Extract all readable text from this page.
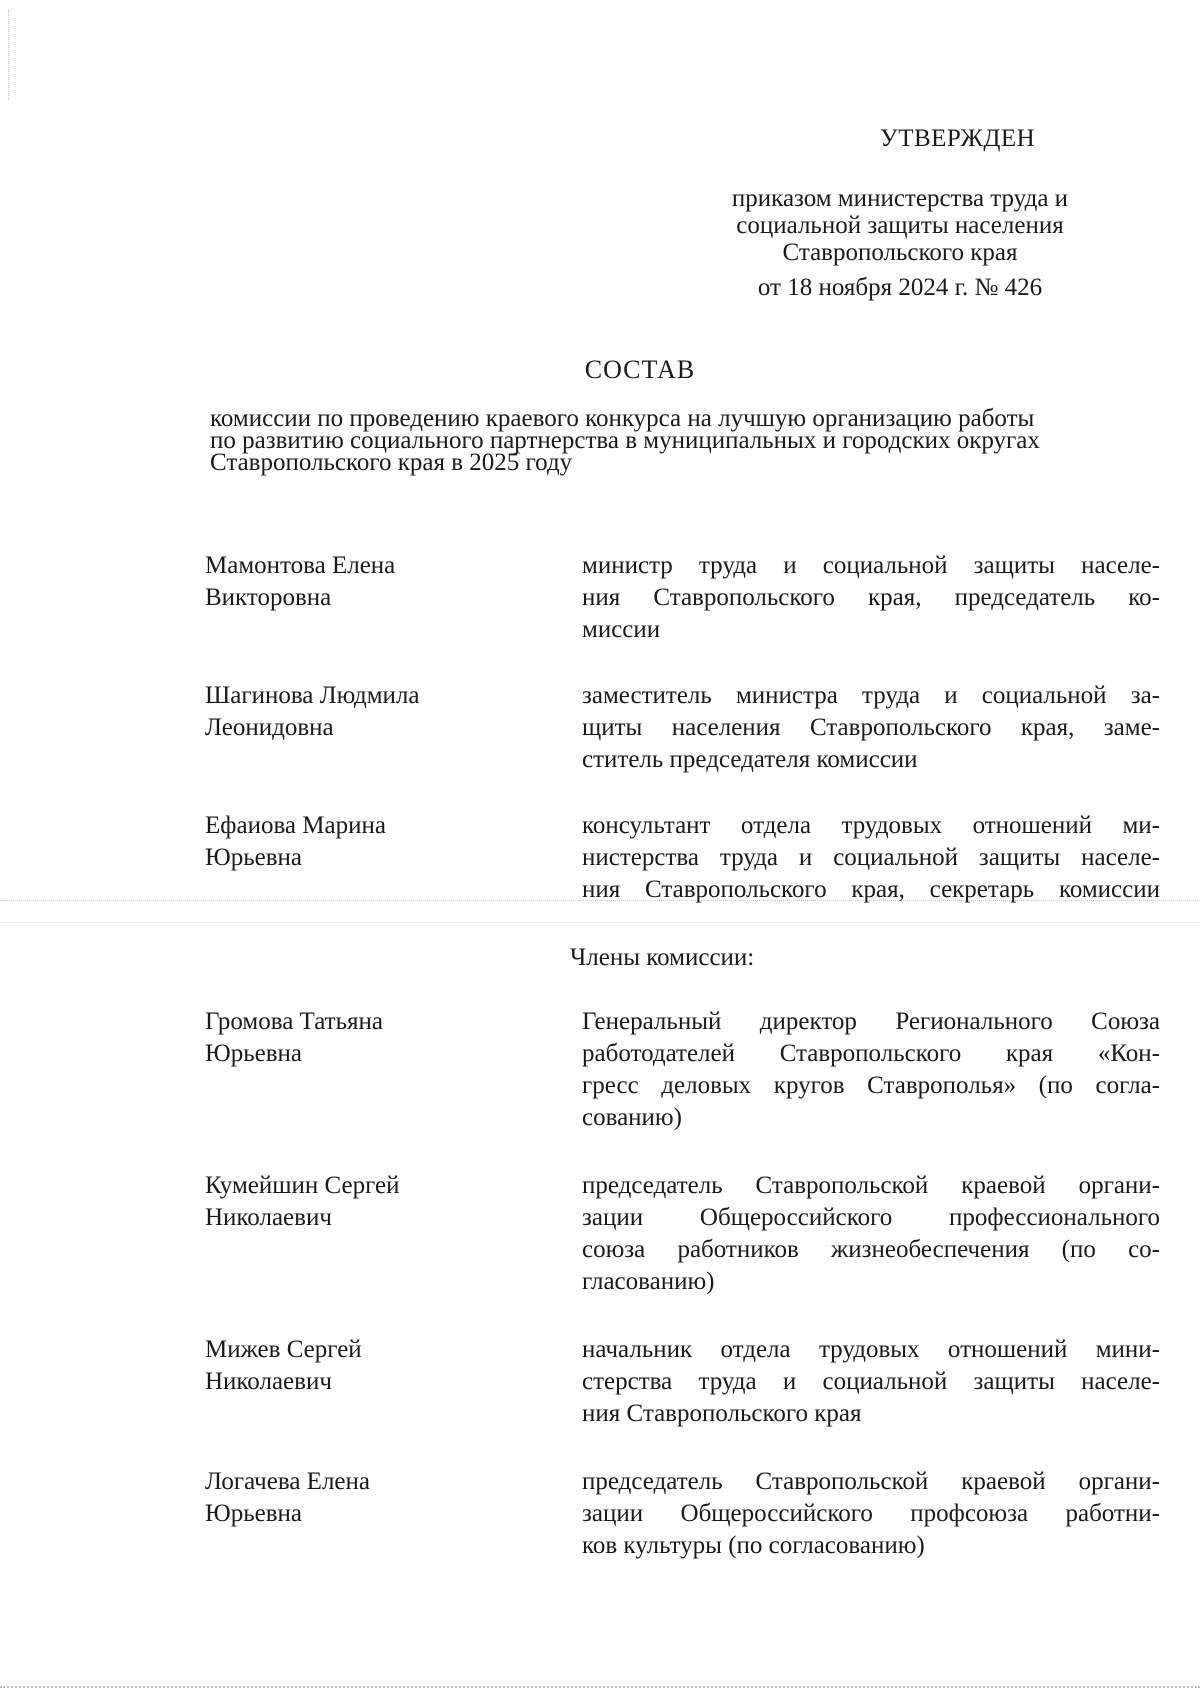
УТВЕРЖДЕН
приказом министерства труда и
социальной защиты населения
Ставропольского края
от 18 ноября 2024 г. № 426
СОСТАВ
комиссии по проведению краевого конкурса на лучшую организацию работы
по развитию социального партнерства в муниципальных и городских округах
Ставропольского края в 2025 году
Мамонтова Елена
Викторовна
министр труда и социальной защиты населе-
ния Ставропольского края, председатель ко-
миссии
Шагинова Людмила
Леонидовна
заместитель министра труда и социальной за-
щиты населения Ставропольского края, заме-
ститель председателя комиссии
Ефаиова Марина
Юрьевна
консультант отдела трудовых отношений ми-
нистерства труда и социальной защиты населе-
ния Ставропольского края, секретарь комиссии
Члены комиссии:
Громова Татьяна
Юрьевна
Генеральный директор Регионального Союза
работодателей Ставропольского края «Кон-
гресс деловых кругов Ставрополья» (по согла-
сованию)
Кумейшин Сергей
Николаевич
председатель Ставропольской краевой органи-
зации Общероссийского профессионального
союза работников жизнеобеспечения (по со-
гласованию)
Мижев Сергей
Николаевич
начальник отдела трудовых отношений мини-
стерства труда и социальной защиты населе-
ния Ставропольского края
Логачева Елена
Юрьевна
председатель Ставропольской краевой органи-
зации Общероссийского профсоюза работни-
ков культуры (по согласованию)
